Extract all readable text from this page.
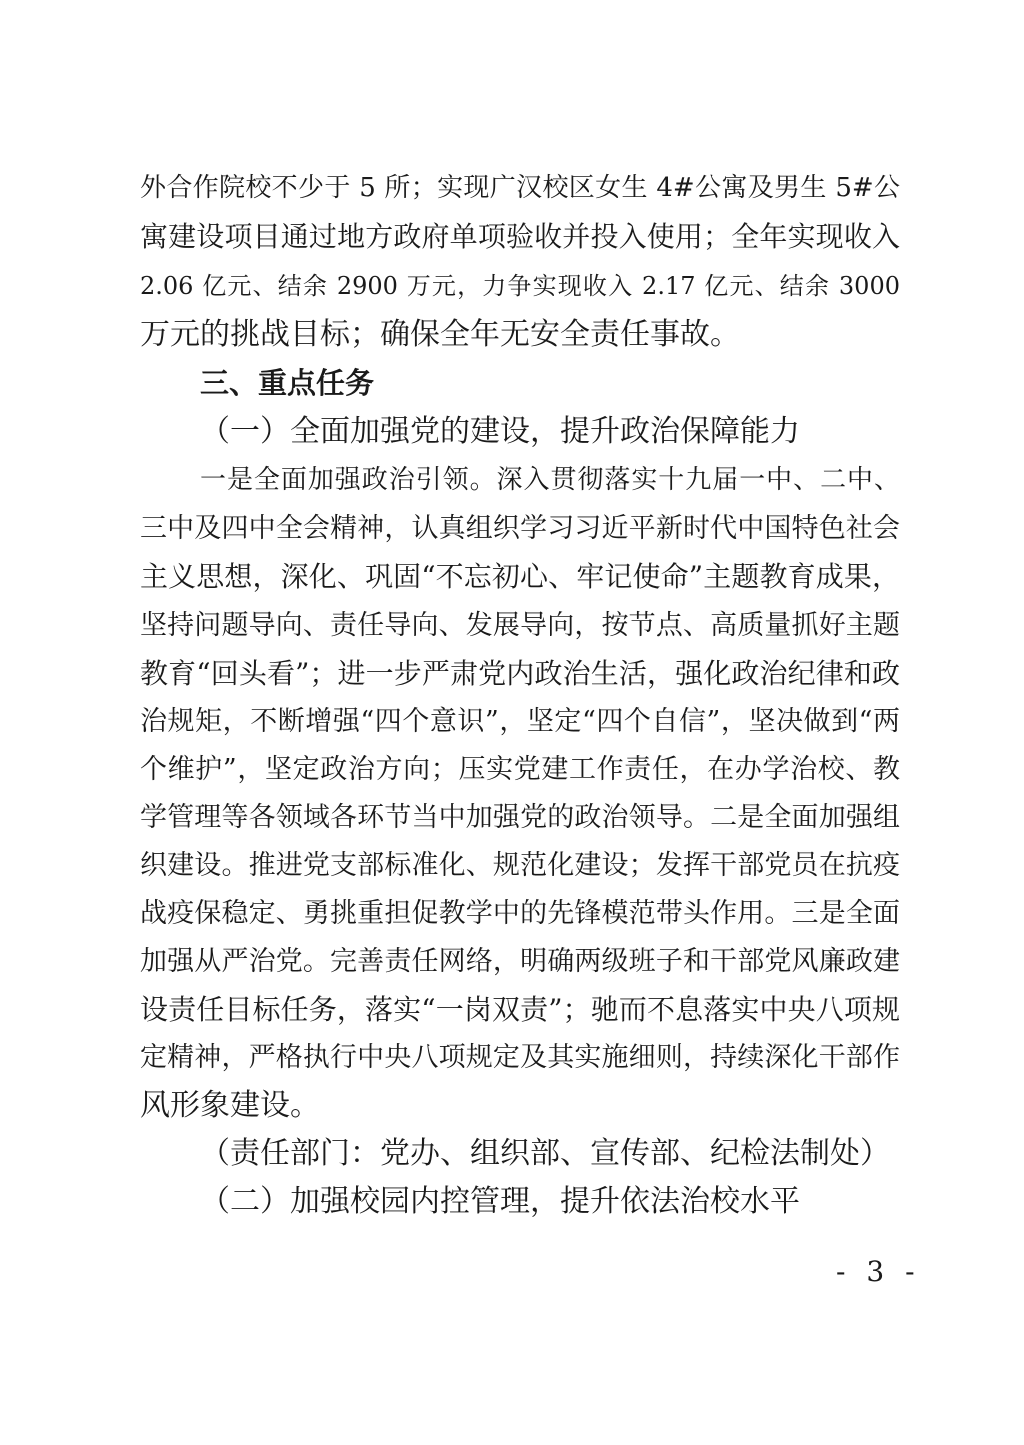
外合作院校不少于 5 所；实现广汉校区女生 4#公寓及男生 5#公
寓建设项目通过地方政府单项验收并投入使用；全年实现收入
2.06 亿元、结余 2900 万元，力争实现收入 2.17 亿元、结余 3000
万元的挑战目标；确保全年无安全责任事故。
三、重点任务
（一）全面加强党的建设，提升政治保障能力
一是全面加强政治引领。深入贯彻落实十九届一中、二中、
三中及四中全会精神，认真组织学习习近平新时代中国特色社会
主义思想，深化、巩固“不忘初心、牢记使命”主题教育成果，
坚持问题导向、责任导向、发展导向，按节点、高质量抓好主题
教育“回头看”；进一步严肃党内政治生活，强化政治纪律和政
治规矩，不断增强“四个意识”，坚定“四个自信”，坚决做到“两
个维护”，坚定政治方向；压实党建工作责任，在办学治校、教
学管理等各领域各环节当中加强党的政治领导。二是全面加强组
织建设。推进党支部标准化、规范化建设；发挥干部党员在抗疫
战疫保稳定、勇挑重担促教学中的先锋模范带头作用。三是全面
加强从严治党。完善责任网络，明确两级班子和干部党风廉政建
设责任目标任务，落实“一岗双责”；驰而不息落实中央八项规
定精神，严格执行中央八项规定及其实施细则，持续深化干部作
风形象建设。
（责任部门：党办、组织部、宣传部、纪检法制处）
（二）加强校园内控管理，提升依法治校水平
- 3 -
